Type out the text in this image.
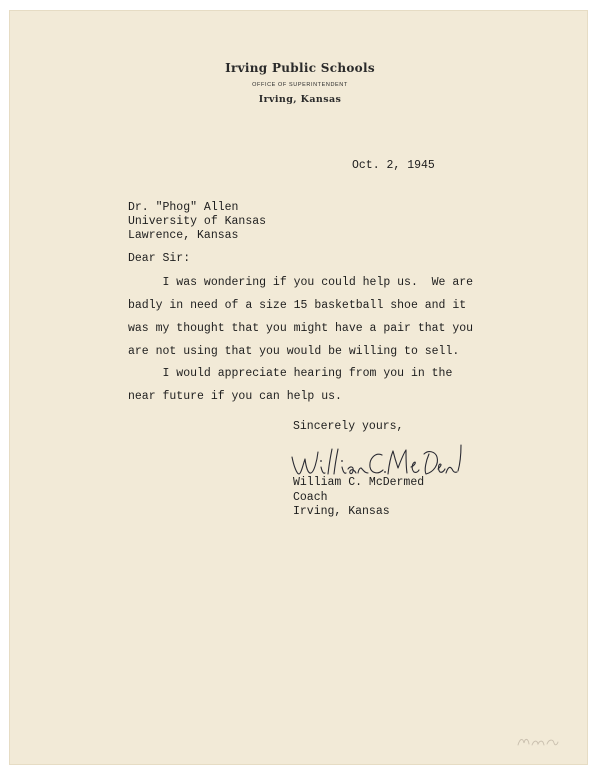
Irving Public Schools
OFFICE OF SUPERINTENDENT
Irving, Kansas
Oct. 2, 1945
Dr. "Phog" Allen
University of Kansas
Lawrence, Kansas
Dear Sir:
I was wondering if you could help us.  We are
badly in need of a size 15 basketball shoe and it
was my thought that you might have a pair that you
are not using that you would be willing to sell.
I would appreciate hearing from you in the
near future if you can help us.
Sincerely yours,
William C. McDermed
Coach
Irving, Kansas
